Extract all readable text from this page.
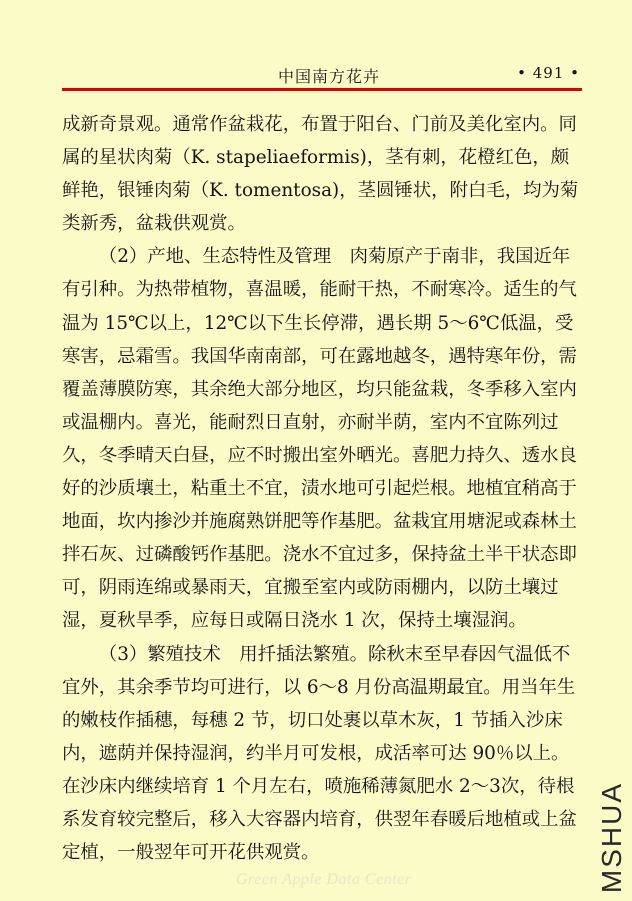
中国南方花卉	• 491 •

成新奇景观。通常作盆栽花，布置于阳台、门前及美化室内。同属的星状肉菊（K. stapeliaeformis)，茎有刺，花橙红色，颇鲜艳，银锤肉菊（K. tomentosa)，茎圆锤状，附白毛，均为菊类新秀，盆栽供观赏。

（2）产地、生态特性及管理　肉菊原产于南非，我国近年有引种。为热带植物，喜温暖，能耐干热，不耐寒冷。适生的气温为 15℃以上，12℃以下生长停滞，遇长期 5～6℃低温，受寒害，忌霜雪。我国华南南部，可在露地越冬，遇特寒年份，需覆盖薄膜防寒，其余绝大部分地区，均只能盆栽，冬季移入室内或温棚内。喜光，能耐烈日直射，亦耐半荫，室内不宜陈列过久，冬季晴天白昼，应不时搬出室外晒光。喜肥力持久、透水良好的沙质壤土，粘重土不宜，渍水地可引起烂根。地植宜稍高于地面，坎内掺沙并施腐熟饼肥等作基肥。盆栽宜用塘泥或森林土拌石灰、过磷酸钙作基肥。浇水不宜过多，保持盆土半干状态即可，阴雨连绵或暴雨天，宜搬至室内或防雨棚内，以防土壤过湿，夏秋旱季，应每日或隔日浇水 1 次，保持土壤湿润。

（3）繁殖技术　用扦插法繁殖。除秋末至早春因气温低不宜外，其余季节均可进行，以 6～8 月份高温期最宜。用当年生的嫩枝作插穗，每穗 2 节，切口处裹以草木灰，1 节插入沙床内，遮荫并保持湿润，约半月可发根，成活率可达 90％以上。在沙床内继续培育 1 个月左右，喷施稀薄氮肥水 2～3次，待根系发育较完整后，移入大容器内培育，供翌年春暖后地植或上盆定植，一般翌年可开花供观赏。

Green Apple Data Center	MSHUA
